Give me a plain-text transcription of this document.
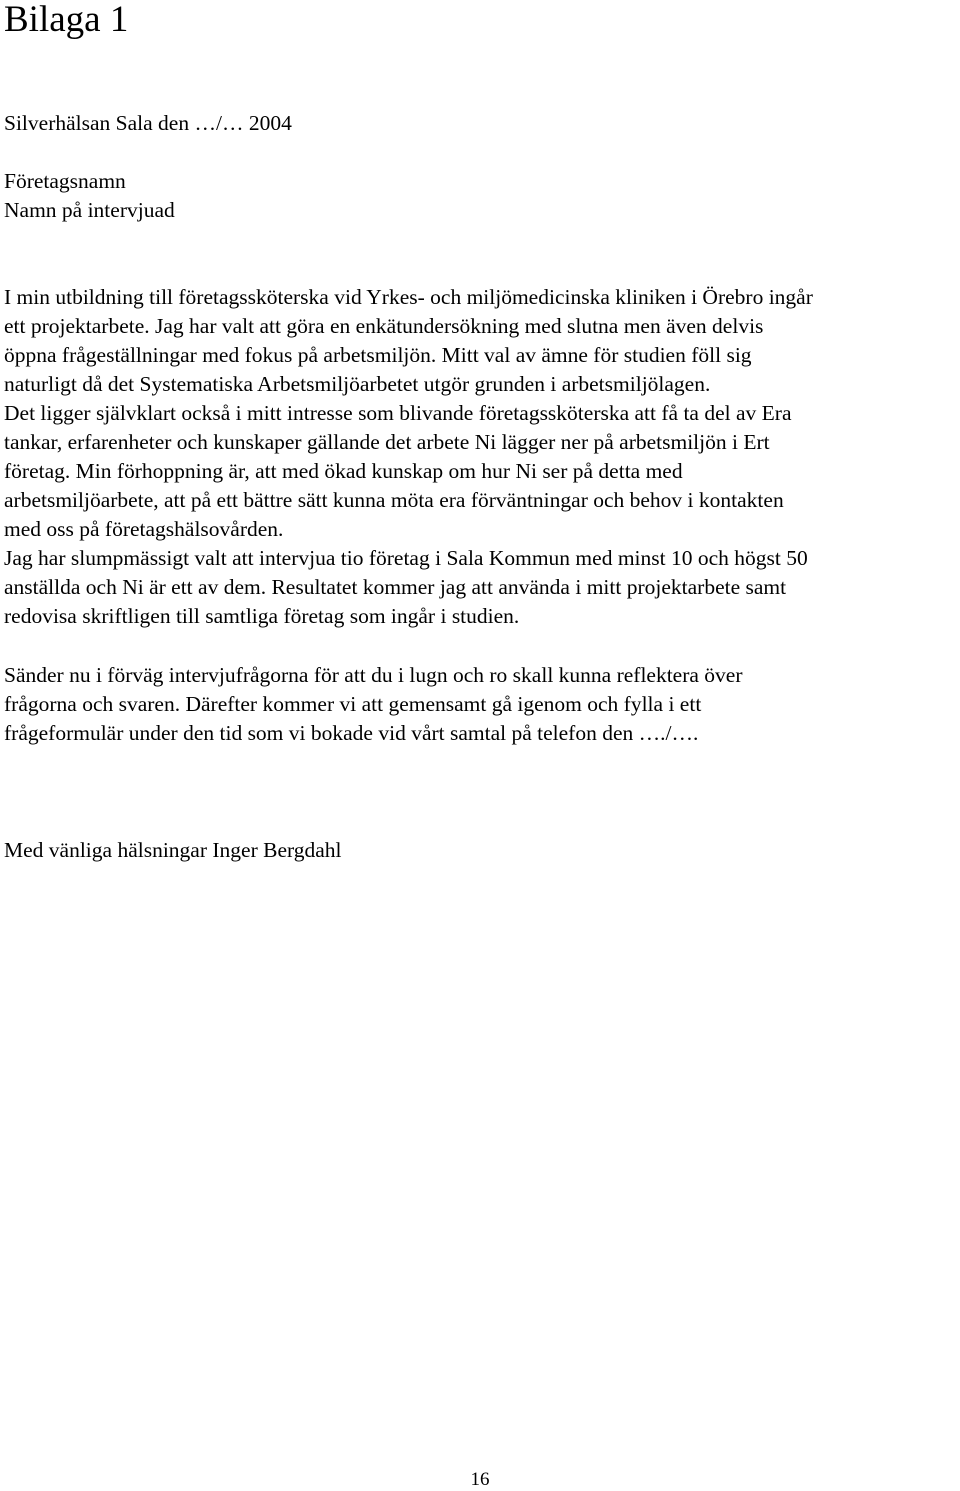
Bilaga 1

Silverhälsan Sala den …/… 2004

Företagsnamn

Namn på intervjuad

I min utbildning till företagssköterska vid Yrkes- och miljömedicinska kliniken i Örebro ingår

ett projektarbete. Jag har valt att göra en enkätundersökning med slutna men även delvis

öppna frågeställningar med fokus på arbetsmiljön. Mitt val av ämne för studien föll sig

naturligt då det Systematiska Arbetsmiljöarbetet utgör grunden i arbetsmiljölagen.

Det ligger självklart också i mitt intresse som blivande företagssköterska att få ta del av Era

tankar, erfarenheter och kunskaper gällande det arbete Ni lägger ner på arbetsmiljön i Ert

företag. Min förhoppning är, att med ökad kunskap om hur Ni ser på detta med

arbetsmiljöarbete, att på ett bättre sätt kunna möta era förväntningar och behov i kontakten

med oss på företagshälsovården.

Jag har slumpmässigt valt att intervjua tio företag i Sala Kommun med minst 10 och högst 50

anställda och Ni är ett av dem. Resultatet kommer jag att använda i mitt projektarbete samt

redovisa skriftligen till samtliga företag som ingår i studien.

Sänder nu i förväg intervjufrågorna för att du i lugn och ro skall kunna reflektera över

frågorna och svaren. Därefter kommer vi att gemensamt gå igenom och fylla i ett

frågeformulär under den tid som vi bokade vid vårt samtal på telefon den …./….

Med vänliga hälsningar Inger Bergdahl

16
